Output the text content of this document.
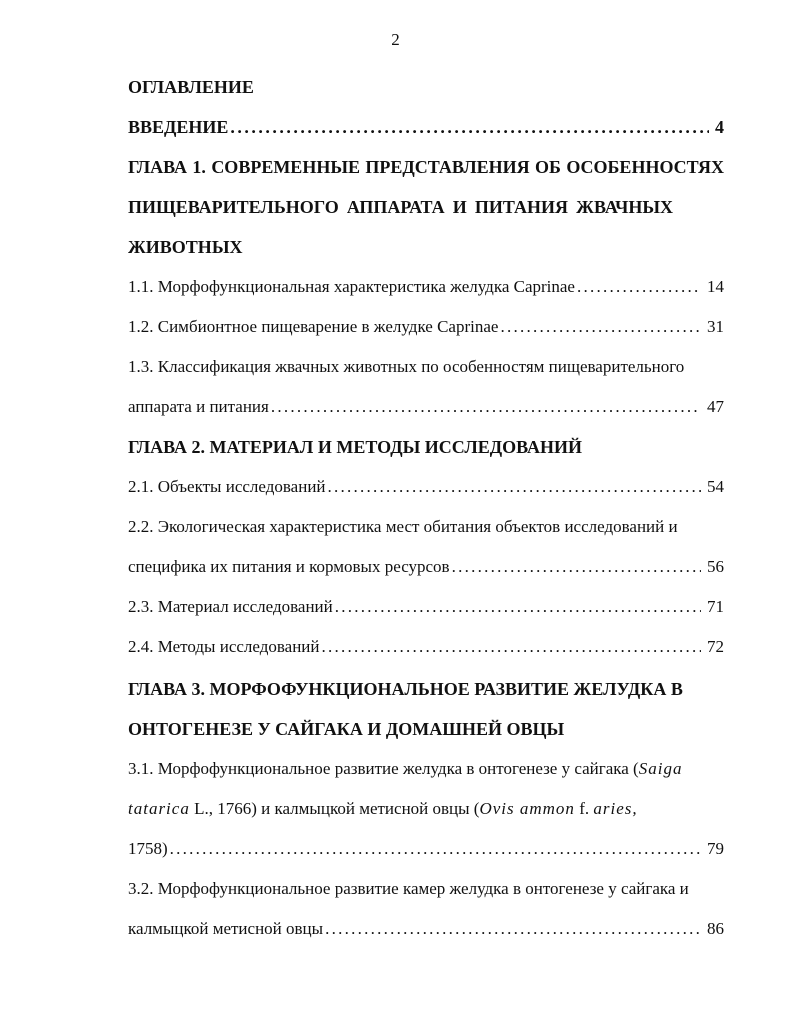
2
ОГЛАВЛЕНИЕ
ВВЕДЕНИЕ . . .	4
ГЛАВА 1. СОВРЕМЕННЫЕ ПРЕДСТАВЛЕНИЯ ОБ ОСОБЕННОСТЯХ
ПИЩЕВАРИТЕЛЬНОГО АППАРАТА И ПИТАНИЯ ЖВАЧНЫХ
ЖИВОТНЫХ
1.1. Морфофункциональная характеристика желудка Caprinae . . .	14
1.2. Симбионтное пищеварение в желудке Caprinae . . .	31
1.3. Классификация жвачных животных по особенностям пищеварительного
аппарата и питания . . .	47
ГЛАВА 2. МАТЕРИАЛ И МЕТОДЫ ИССЛЕДОВАНИЙ
2.1. Объекты исследований . . .	54
2.2. Экологическая характеристика мест обитания объектов исследований и
специфика их питания и кормовых ресурсов . . .	56
2.3. Материал исследований . . .	71
2.4. Методы исследований . . .	72
ГЛАВА 3. МОРФОФУНКЦИОНАЛЬНОЕ РАЗВИТИЕ ЖЕЛУДКА В
ОНТОГЕНЕЗЕ У САЙГАКА И ДОМАШНЕЙ ОВЦЫ
3.1. Морфофункциональное развитие желудка в онтогенезе у сайгака (Saiga
tatarica L., 1766) и калмыцкой метисной овцы (Ovis ammon f. aries,
1758) . . .	79
3.2. Морфофункциональное развитие камер желудка в онтогенезе у сайгака и
калмыцкой метисной овцы . . .	86
